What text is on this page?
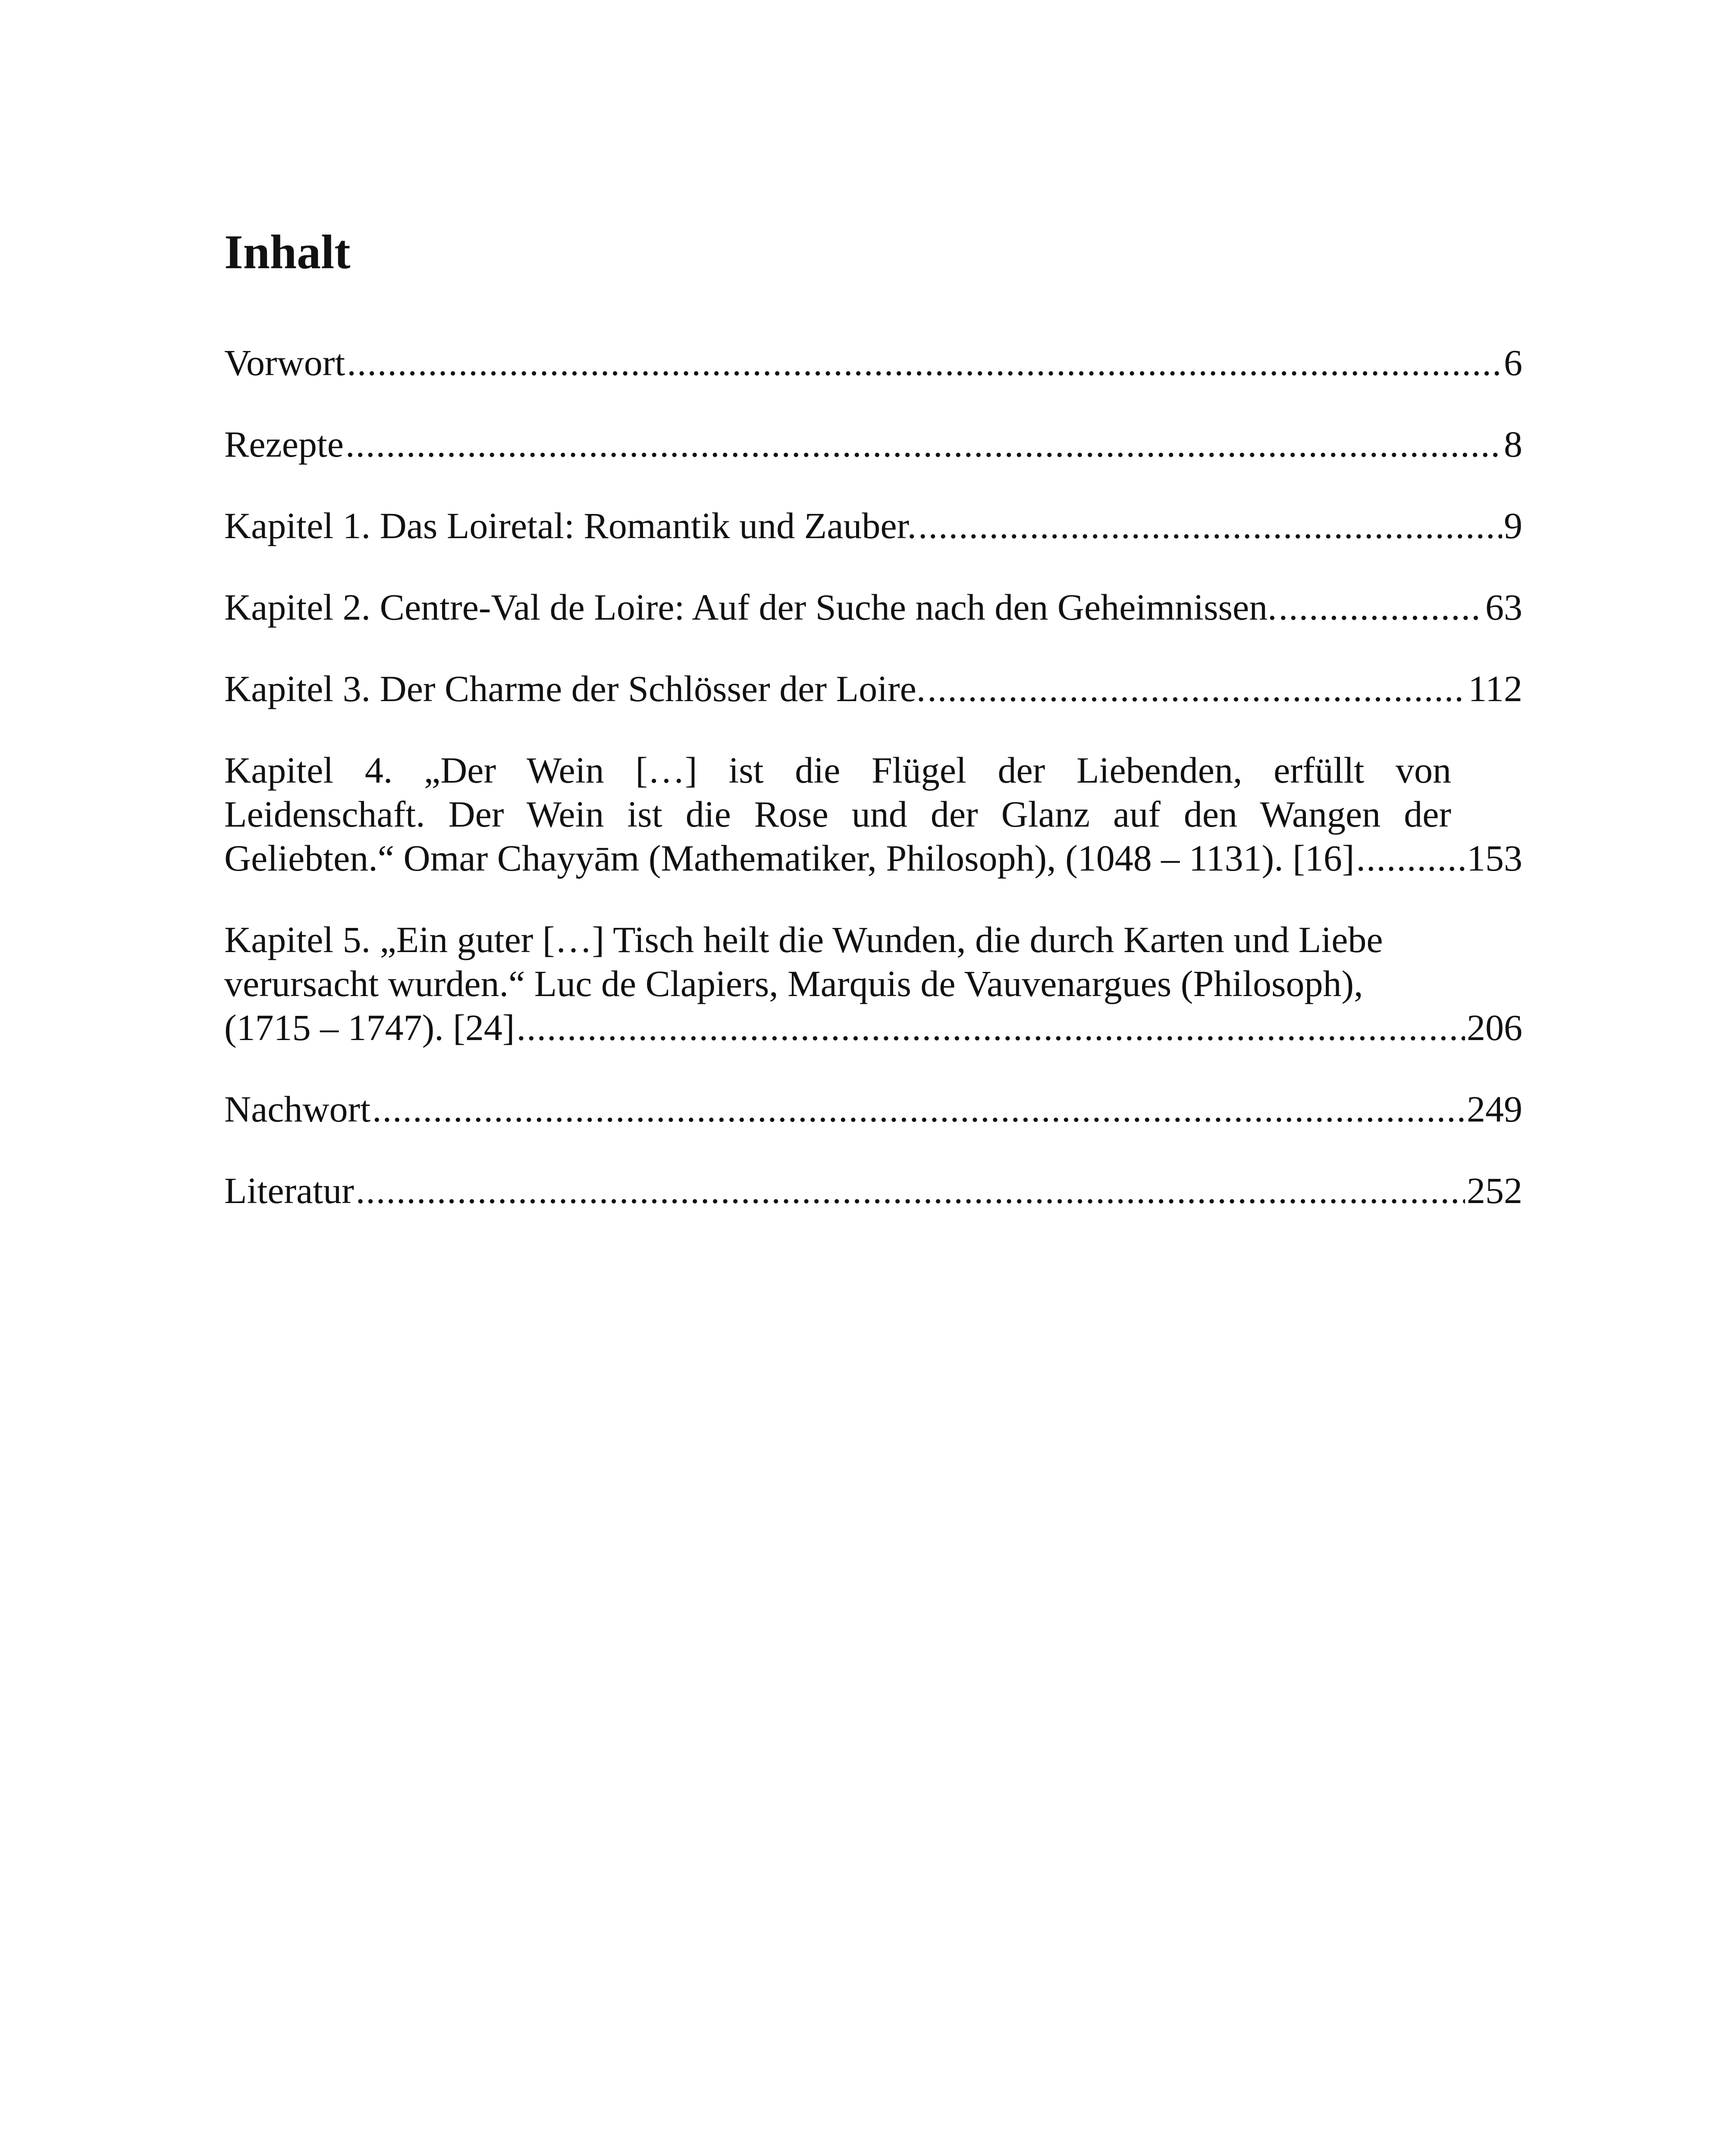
Inhalt
Vorwort .....	6
Rezepte .....	8
Kapitel 1. Das Loiretal: Romantik und Zauber. .....	9
Kapitel 2. Centre-Val de Loire: Auf der Suche nach den Geheimnissen. .....	63
Kapitel 3. Der Charme der Schlösser der Loire. .....	112
Kapitel 4. „Der Wein […] ist die Flügel der Liebenden, erfüllt von
Leidenschaft. Der Wein ist die Rose und der Glanz auf den Wangen der
Geliebten.“ Omar Chayyām (Mathematiker, Philosoph), (1048 – 1131). [16] .....	153
Kapitel 5. „Ein guter […] Tisch heilt die Wunden, die durch Karten und Liebe
verursacht wurden.“ Luc de Clapiers, Marquis de Vauvenargues (Philosoph),
(1715 – 1747). [24] .....	206
Nachwort .....	249
Literatur .....	252
